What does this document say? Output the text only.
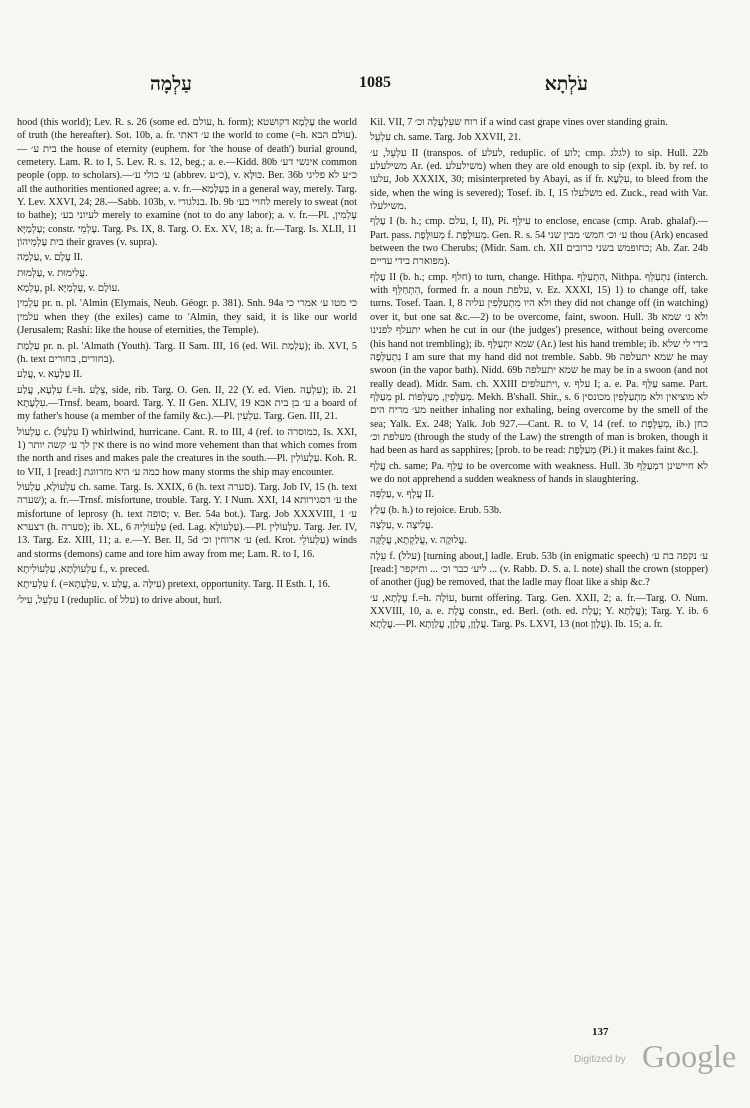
עַלְמָה	1085	עֹלְתָא

hood (this world); Lev. R. s. 26 (some ed. עולם, h. form); עָלְמָא דקושטא the world of truth (the hereafter). Sot. 10b, a. fr. ע׳ דאתי the world to come (=h. עולם הבא). — בית ע׳ the house of eternity (euphem. for 'the house of death') burial ground, cemetery. Lam. R. to I, 5. Lev. R. s. 12, beg.; a. e.—Kidd. 80b אינשי דע׳ common people (opp. to scholars).—ע׳ כולי ע׳ (abbrev. כ״ע), v. כּוּלָּא. Ber. 36b כ״ע לא פליגי all the authorities mentioned agree; a. v. fr.—בְּעָלְמָא in a general way, merely. Targ. Y. Lev. XXVI, 24; 28.—Sabb. 103b, v. בנלגורי. Ib. 9b לחויי בע׳ merely to sweat (not to bathe); לעיוני בע׳ merely to examine (not to do any labor); a. v. fr.—Pl. עָלְמִין, עָלְמַיָּא; constr. עָלְמֵי. Targ. Ps. IX, 8. Targ. O. Ex. XV, 18; a. fr.—Targ. Is. XLII, 11 בית עָלְמֵיהוֹן their graves (v. supra).

עַלְמָה, v. עֶלֶם II.

עַלְמוּת, v. עֲלִימוּת.

עָלְמָא, pl. עָלְמַיָּא, v. עוֹלָם.

עַלְמִין pr. n. pl. 'Almin (Elymais, Neub. Géogr. p. 381). Snh. 94a כי מטו ע׳ אמרי כי עלמין when they (the exiles) came to 'Almin, they said, it is like our world (Jerusalem; Rashi: like the house of eternities, the Temple).

עַלְמַת pr. n. pl. 'Almath (Youth). Targ. II Sam. III, 16 (ed. Wil. עַלְמַת); ib. XVI, 5 (h. text בחורים, בחורים).

עֲלַע, v. עַלְעָא II.

עִלְעָא, עֲלַע f.=h. צֵלָע, side, rib. Targ. O. Gen. II, 22 (Y. ed. Vien. עִלְעָה); ib. 21 עִלְעָתָא.—Trnsf. beam, board. Targ. Y. II Gen. XLIV, 19 ע׳ בן בית אבא a board of my father's house (a member of the family &c.).—Pl. עִלְעִין. Targ. Gen. III, 21.

עַלְעוֹל c. (עִלְעֵל I) whirlwind, hurricane. Cant. R. to III, 4 (ref. to כמוסרה, Is. XXI, 1) אין לך ע׳ קשה יותר there is no wind more vehement than that which comes from the north and rises and makes pale the creatures in the south.—Pl. עַלְעוֹלִין. Koh. R. to VII, 1 [read:] כמה ע׳ היא מזדווגת how many storms the ship may encounter.

עַלְעוֹלָא, עַלְעוֹל ch. same. Targ. Is. XXIX, 6 (h. text סערה). Targ. Job IV, 15 (h. text שערה); a. fr.—Trnsf. misfortune, trouble. Targ. Y. I Num. XXI, 14 ע׳ דסגירותא the misfortune of leprosy (h. text סופה; v. Ber. 54a bot.). Targ. Job XXXVIII, 1 ע׳ דצערא (h. סערה); ib. XL, 6 עַלְעוֹלֵיהּ (ed. Lag. עַלְעוֹלָא).—Pl. עַלְעוֹלִין. Targ. Jer. IV, 13. Targ. Ez. XIII, 11; a. e.—Y. Ber. II, 5d ע׳ ארוחין וכ׳ (ed. Krot. עַלְעוֹלֵי) winds and storms (demons) came and tore him away from me; Lam. R. to I, 16.

עַלְעוֹלְתָא, עַלְעוֹלִיתָא f., v. preced.

עִלְעִיתָא f. (=עִלְעָתָא, v. עֲלַע, a. עִילָּה) pretext, opportunity. Targ. II Esth. I, 16.

עִלְעֵל, עִיל׳ I (reduplic. of עלל) to drive about, hurl.

Kil. VII, 7 רוח שעִלְעֲלָה וכ׳ if a wind cast grape vines over standing grain.

עִלְעֵל ch. same. Targ. Job XXVII, 21.

עִלְעֵל, ע׳ II (transpos. of לעלע, reduplic. of לוע; cmp. לגלג) to sip. Hull. 22b משילעלע Ar. (ed. משילעלע) when they are old enough to sip (expl. ib. by ref. to עלעו, Job XXXIX, 30; misinterpreted by Abayi, as if fr. עִלְעָא, to bleed from the side, when the wing is severed); Tosef. ib. I, 15 משלעלו ed. Zuck., read with Var. משילעלו.

עָלַף I (b. h.; cmp. עלם, I, II), Pi. עִילֵּף to enclose, encase (cmp. Arab. ghalaf).—Part. pass. מְעוּלֶּפֶת f. מְעוּלֶּפֶת. Gen. R. s. 54 ע׳ וכ׳ חמש׳ מבין שני thou (Ark) encased between the two Cherubs; (Midr. Sam. ch. XII כחופמש בשני כרובים; Ab. Zar. 24b מפוארת בידי עדיים).

עָלַף II (b. h.; cmp. חלף) to turn, change. Hithpa. הִתְעַלֵּף, Nithpa. נִתְעַלֵּף (interch. with הִתְחַלֵּף, formed fr. a noun עלפת, v. Ez. XXXI, 15) 1) to change off, take turns. Tosef. Taan. I, 8 ולא היו מִתְעַלְּפִין עליה they did not change off (in watching) over it, but one sat &c.—2) to be overcome, faint, swoon. Hull. 3b ולא נ׳ שמא יתעלף לפנינו when he cut in our (the judges') presence, without being overcome (his hand not trembling); ib. שמא יִתְעַלֵּף (Ar.) lest his hand tremble; ib. בידי לי שלא נִתְעַלְּפָה I am sure that my hand did not tremble. Sabb. 9b שמא יתעלפה he may swoon (in the vapor bath). Nidd. 69b שמא יתעלפה he may be in a swoon (and not really dead). Midr. Sam. ch. XXIII ויתעלפים, v. עלף I; a. e. Pa. עַלֵּף same. Part. מְעַלַּף pl. מְעַלְּפִין, מְעַלְּפוֹת. Mekh. B'shall. Shir., s. 6 לא מוציאין ולא מִתְעַלְּפִין מכונסין מע׳ מריח הים neither inhaling nor exhaling, being overcome by the smell of the sea; Yalk. Ex. 248; Yalk. Job 927.—Cant. R. to V, 14 (ref. to מְעֻלֶּפֶת, ib.) כחן מעלפת וכ׳ (through the study of the Law) the strength of man is broken, though it had been as hard as sapphires; [prob. to be read: מְעַלֶּפֶת (Pi.) it makes faint &c.].

עֲלַף ch. same; Pa. עַלֵּף to be overcome with weakness. Hull. 3b לא חיישינן דמְעַלֵּף we do not apprehend a sudden weakness of hands in slaughtering.

עַלְפָּה, v. עֲלָף II.

עָלַץ (b. h.) to rejoice. Erub. 53b.

עַלְצָה, v. עֲלִיצָה.

עֲלַקְתָא, עֲלֻקָּה, v. עֲלוּקָה.

עֵלָה f. (עלל) [turning about,] ladle. Erub. 53b (in enigmatic speech) ע׳ נקפה בת ע׳ [read:] ליע׳ כבר וכ׳ ... ותיקפר ... (v. Rabb. D. S. a. l. note) shall the crown (stopper) of another (jug) be removed, that the ladle may float like a ship &c.?

עֲלָתָא, ע׳ f.=h. עוֹלָה, burnt offering. Targ. Gen. XXII, 2; a. fr.—Targ. O. Num. XXVIII, 10, a. e. עֲלָת constr., ed. Berl. (oth. ed. עֲלַת; Y. עֲלָתָא); Targ. Y. ib. 6 עֲלָתָא.—Pl. עֲלָוָן, עֲלַוָן, עֲלַוָתָא. Targ. Ps. LXVI, 13 (not עֲלָוַן). Ib. 15; a. fr.

137
Digitized by Google
